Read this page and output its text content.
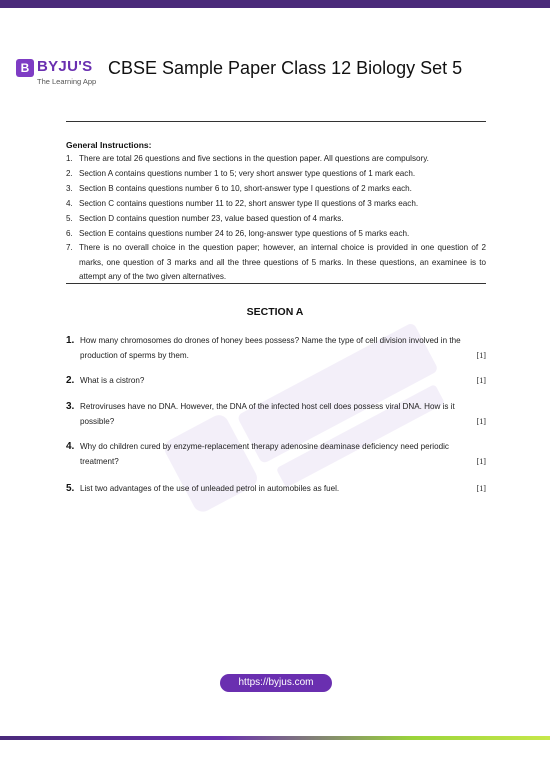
B BYJU'S
The Learning App
CBSE Sample Paper Class 12 Biology Set 5
General Instructions:
1. There are total 26 questions and five sections in the question paper. All questions are compulsory.
2. Section A contains questions number 1 to 5; very short answer type questions of 1 mark each.
3. Section B contains questions number 6 to 10, short-answer type I questions of 2 marks each.
4. Section C contains questions number 11 to 22, short answer type II questions of 3 marks each.
5. Section D contains question number 23, value based question of 4 marks.
6. Section E contains questions number 24 to 26, long-answer type questions of 5 marks each.
7. There is no overall choice in the question paper; however, an internal choice is provided in one question of 2 marks, one question of 3 marks and all the three questions of 5 marks. In these questions, an examinee is to attempt any of the two given alternatives.
SECTION A
1. How many chromosomes do drones of honey bees possess? Name the type of cell division involved in the production of sperms by them.	[1]
2. What is a cistron?	[1]
3. Retroviruses have no DNA. However, the DNA of the infected host cell does possess viral DNA. How is it possible?	[1]
4. Why do children cured by enzyme-replacement therapy adenosine deaminase deficiency need periodic treatment?	[1]
5. List two advantages of the use of unleaded petrol in automobiles as fuel.	[1]
https://byjus.com
